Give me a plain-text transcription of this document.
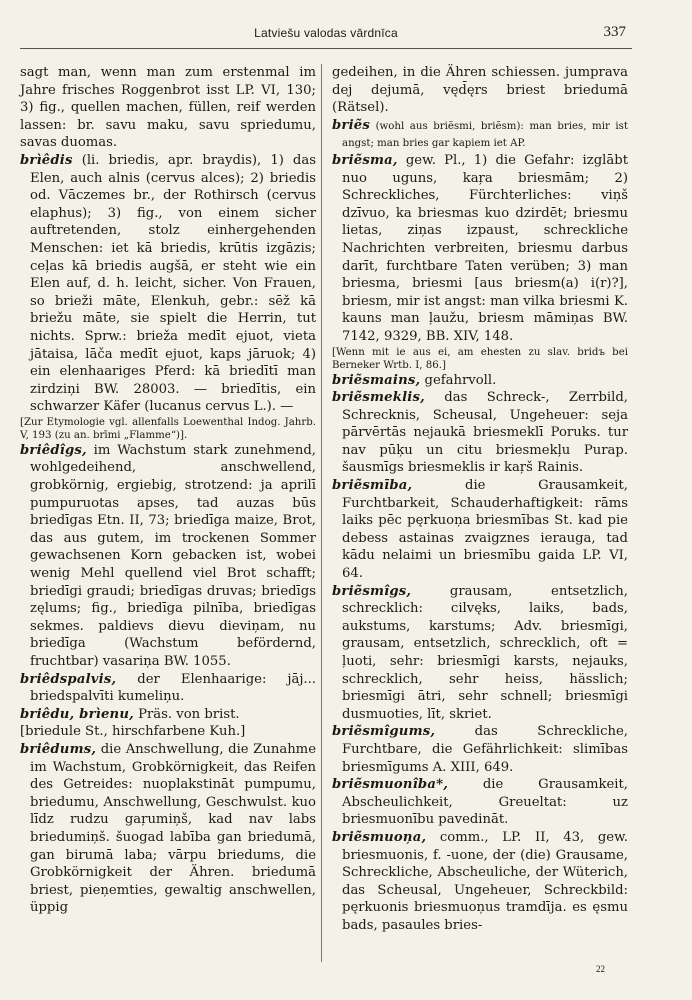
Latviešu valodas vārdnīca	337

sagt man, wenn man zum erstenmal im Jahre frisches Roggenbrot isst LP. VI, 130; 3) fig., quellen machen, füllen, reif werden lassen: br. savu maku, savu spriedumu, savas duomas.

brìêdis (li. briedis, apr. braydis), 1) das Elen, auch alnis (cervus alces); 2) briedis od. Vāczemes br., der Rothirsch (cervus elaphus); 3) fig., von einem sicher auftretenden, stolz einhergehenden Menschen: iet kā briedis, krūtis izgāzis; ceļas kā briedis augšā, er steht wie ein Elen auf, d. h. leicht, sicher. Von Frauen, so brieži māte, Elenkuh, gebr.: sēž kā briežu māte, sie spielt die Herrin, tut nichts. Sprw.: brieža medīt ejuot, vieta jātaisa, lāča medīt ejuot, kaps jāruok; 4) ein elenhaariges Pferd: kā briedītī man zirdziņi BW. 28003. — briedītis, ein schwarzer Käfer (lucanus cervus L.). —

[Zur Etymologie vgl. allenfalls Loewenthal Indog. Jahrb. V, 193 (zu an. brīmi „Flamme“)].

briêdîgs, im Wachstum stark zunehmend, wohlgedeihend, anschwellend, grobkörnig, ergiebig, strotzend: ja aprilī pumpuruotas apses, tad auzas būs briedīgas Etn. II, 73; briedīga maize, Brot, das aus gutem, im trockenen Sommer gewachsenen Korn gebacken ist, wobei wenig Mehl quellend viel Brot schafft; briedīgi graudi; briedīgas druvas; briedīgs zęlums; fig., briedīga pilnība, briedīgas sekmes. paldievs dievu dieviņam, nu briedīga (Wachstum befördernd, fruchtbar) vasariņa BW. 1055.

briêdspalvis, der Elenhaarige: jāj... briedspalvīti kumeliņu.

briêdu, brìenu, Präs. von brist.

[briedule St., hirschfarbene Kuh.]

briêdums, die Anschwellung, die Zunahme im Wachstum, Grobkörnigkeit, das Reifen des Getreides: nuoplakstināt pumpumu, briedumu, Anschwellung, Geschwulst. kuo līdz rudzu gaŗumiņš, kad nav labs briedumiņš. šuogad labība gan briedumā, gan birumā laba; vārpu briedums, die Grobkörnigkeit der Ähren. briedumā briest, pieņemties, gewaltig anschwellen, üppig

gedeihen, in die Ähren schiessen. jumprava dej dejumā, vęd̄ęrs briest briedumā (Rätsel).

briẽs (wohl aus briẽsmi, briẽsm): man bries, mir ist angst; man bries gar kapiem iet AP.

briẽsma, gew. Pl., 1) die Gefahr: izglābt nuo uguns, kaŗa briesmām; 2) Schreckliches, Fürchterliches: viņš dzīvuo, ka briesmas kuo dzirdēt; briesmu lietas, ziņas izpaust, schreckliche Nachrichten verbreiten, briesmu darbus darīt, furchtbare Taten verüben; 3) man briesma, briesmi [aus briesm(a) i(r)?], briesm, mir ist angst: man vilka briesmi K. kauns man ļaužu, briesm māmiņas BW. 7142, 9329, BB. XIV, 148.

[Wenn mit ie aus ei, am ehesten zu slav. bridъ bei Berneker Wrtb. I, 86.]

briẽsmains, gefahrvoll.

briẽsmeklis, das Schreck-, Zerrbild, Schrecknis, Scheusal, Ungeheuer: seja pārvērtās nejaukā briesmeklī Poruks. tur nav pūķu un citu briesmekļu Purap. šausmīgs briesmeklis ir kaŗš Rainis.

briẽsmība, die Grausamkeit, Furchtbarkeit, Schauderhaftigkeit: rāms laiks pēc pęrkuoņa briesmības St. kad pie debess astainas zvaigznes ierauga, tad kādu nelaimi un briesmību gaida LP. VI, 64.

briẽsmîgs, grausam, entsetzlich, schrecklich: cilvęks, laiks, bads, aukstums, karstums; Adv. briesmīgi, grausam, entsetzlich, schrecklich, oft = ļuoti, sehr: briesmīgi karsts, nejauks, schrecklich, sehr heiss, hässlich; briesmīgi ātri, sehr schnell; briesmīgi dusmuoties, līt, skriet.

briẽsmîgums, das Schreckliche, Furchtbare, die Gefährlichkeit: slimības briesmīgums A. XIII, 649.

briẽsmuonîba*, die Grausamkeit, Abscheulichkeit, Greueltat: uz briesmuonību pavedināt.

briẽsmuoņa, comm., LP. II, 43, gew. briesmuonis, f. -uone, der (die) Grausame, Schreckliche, Abscheuliche, der Wüterich, das Scheusal, Ungeheuer, Schreckbild: pęrkuonis briesmuoņus tramdīja. es ęsmu bads, pasaules bries-

22
